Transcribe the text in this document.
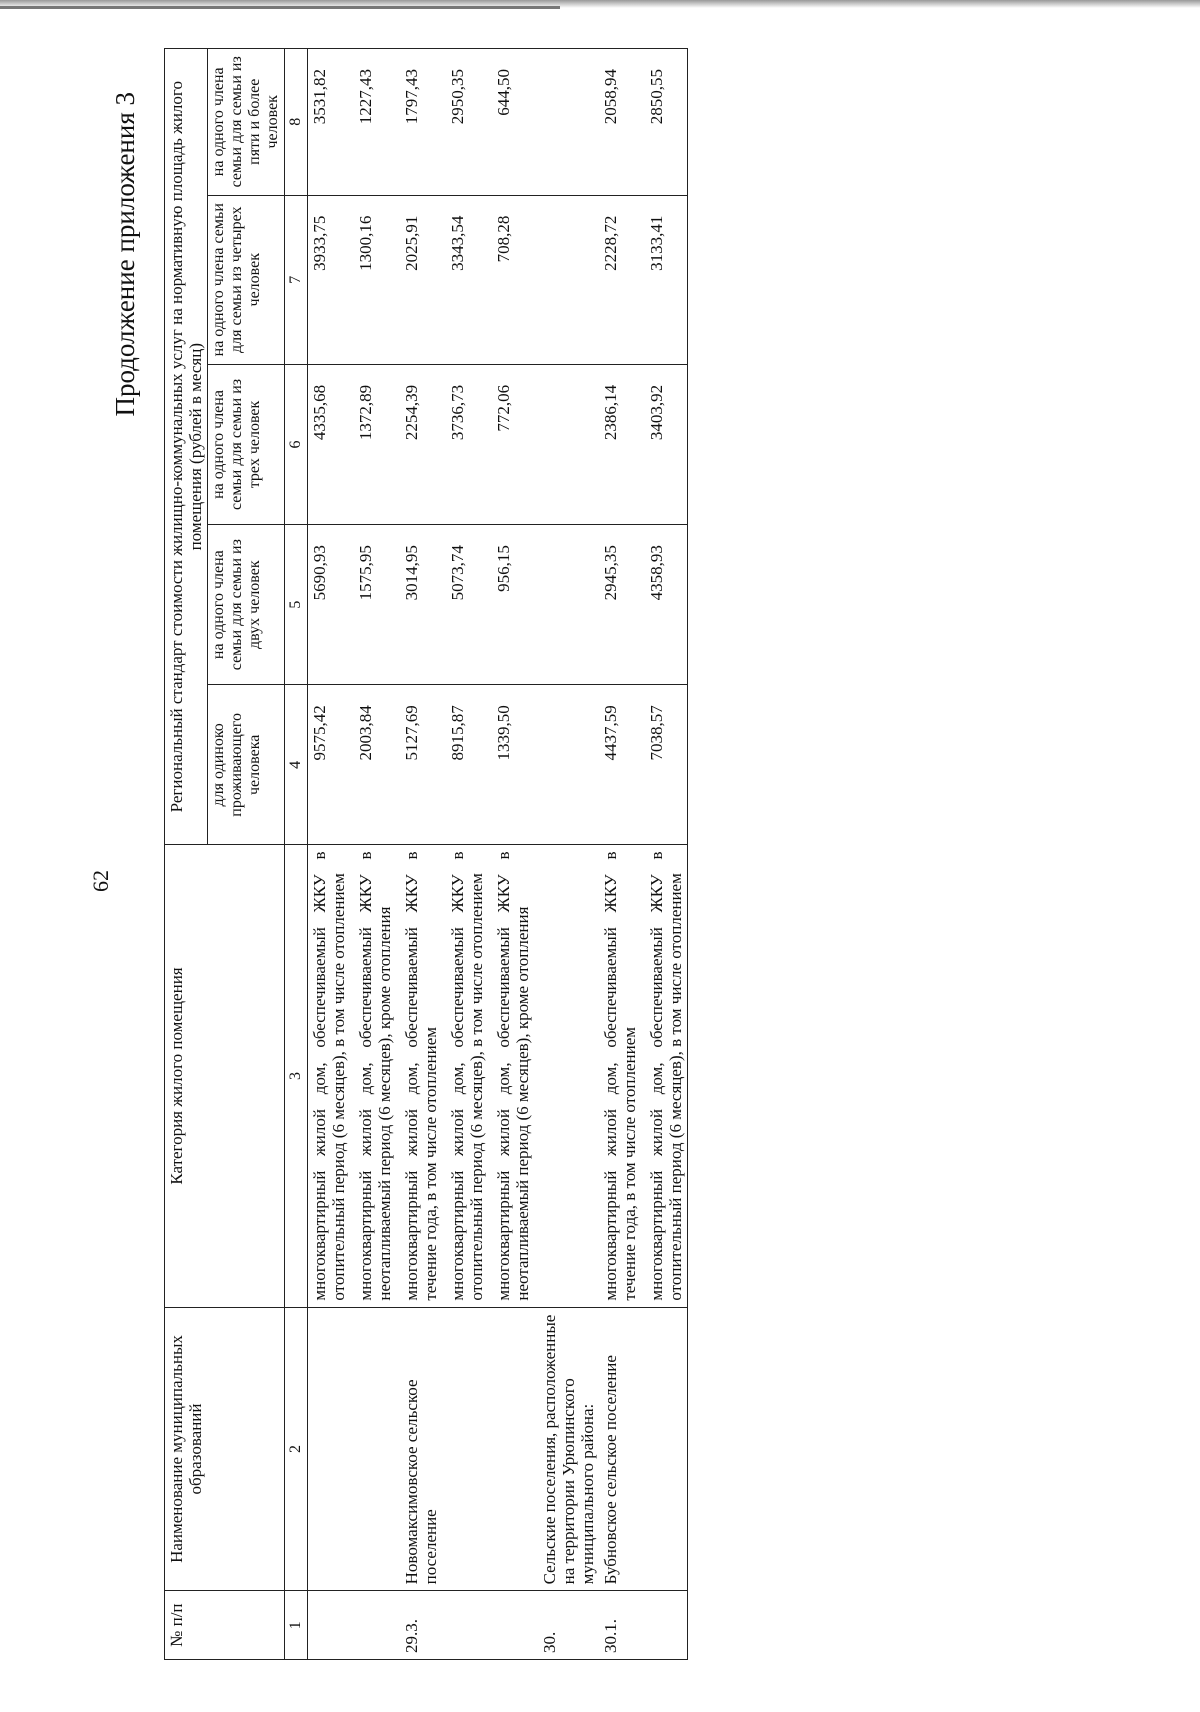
62
Продолжение приложения 3
№ п/п	Наименование муниципальных образований	Категория жилого помещения	Региональный стандарт стоимости жилищно-коммунальных услуг на нормативную площадь жилого помещения (рублей в месяц)				
			для одиноко проживающего человека	на одного члена семьи для семьи из двух человек	на одного члена семьи для семьи из трех человек	на одного члена семьи для семьи из четырех человек	на одного члена семьи для семьи из пяти и более человек
1	2	3	4	5	6	7	8
		многоквартирный жилой дом, обеспечиваемый ЖКУ в отопительный период (6 месяцев), в том числе отоплением	9575,42	5690,93	4335,68	3933,75	3531,82
		многоквартирный жилой дом, обеспечиваемый ЖКУ в неотапливаемый период (6 месяцев), кроме отопления	2003,84	1575,95	1372,89	1300,16	1227,43
29.3.	Новомаксимовское сельское поселение	многоквартирный жилой дом, обеспечиваемый ЖКУ в течение года, в том числе отоплением	5127,69	3014,95	2254,39	2025,91	1797,43
		многоквартирный жилой дом, обеспечиваемый ЖКУ в отопительный период (6 месяцев), в том числе отоплением	8915,87	5073,74	3736,73	3343,54	2950,35
		многоквартирный жилой дом, обеспечиваемый ЖКУ в неотапливаемый период (6 месяцев), кроме отопления	1339,50	956,15	772,06	708,28	644,50
30.	Сельские поселения, расположенные на территории Урюпинского муниципального района:						
30.1.	Бубновское сельское поселение	многоквартирный жилой дом, обеспечиваемый ЖКУ в течение года, в том числе отоплением	4437,59	2945,35	2386,14	2228,72	2058,94
		многоквартирный жилой дом, обеспечиваемый ЖКУ в отопительный период (6 месяцев), в том числе отоплением	7038,57	4358,93	3403,92	3133,41	2850,55
